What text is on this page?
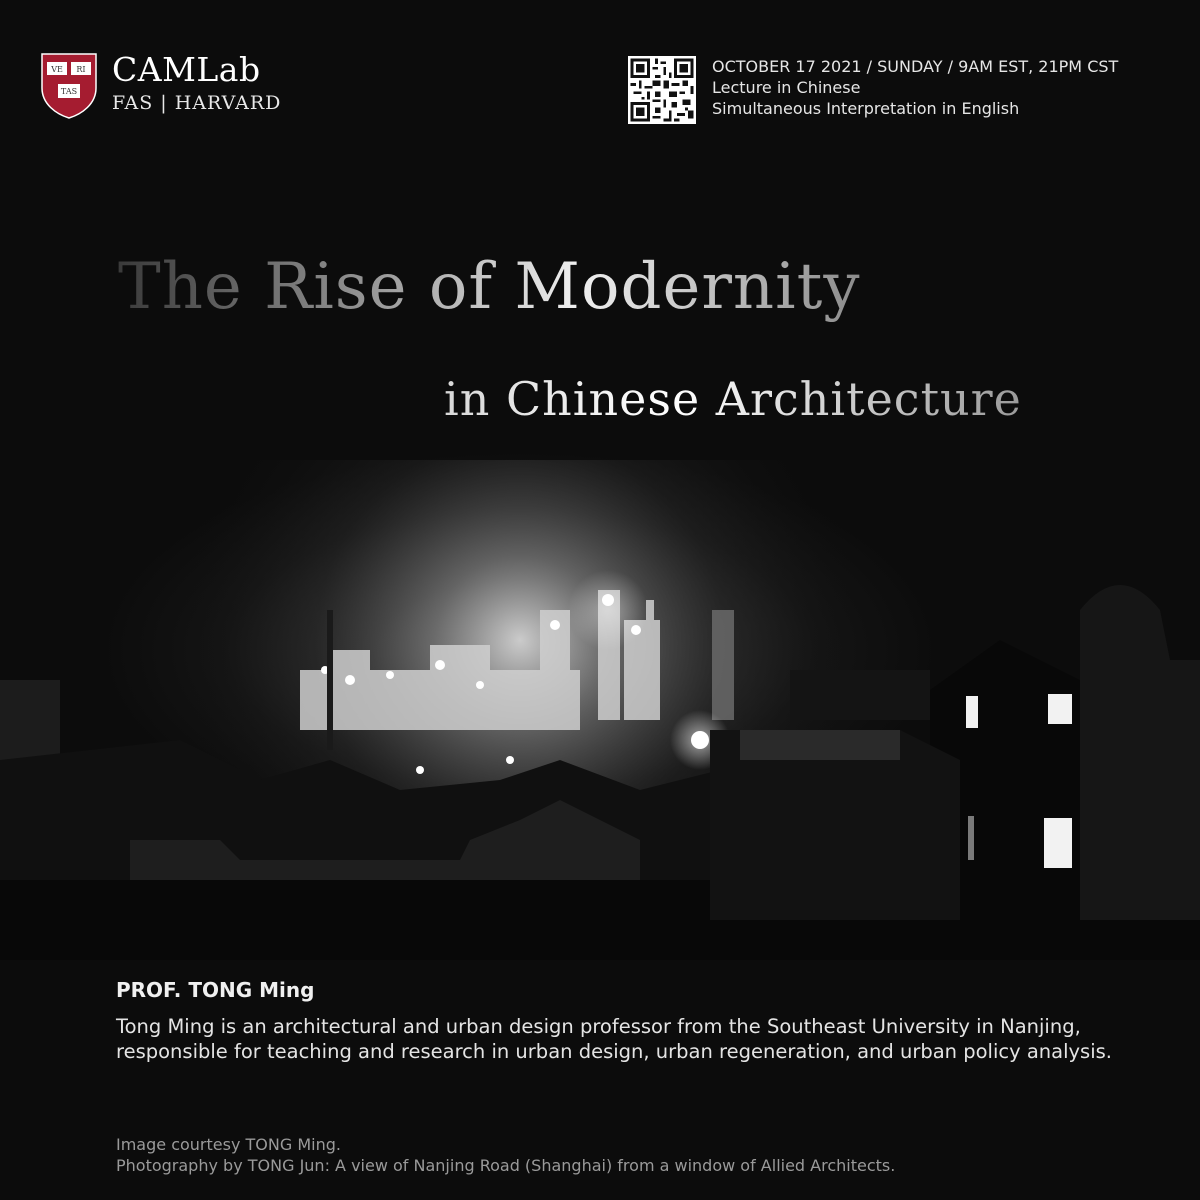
VE RI
TAS
CAMLab
FAS | HARVARD
OCTOBER 17 2021 / SUNDAY / 9AM EST, 21PM CST
Lecture in Chinese
Simultaneous Interpretation in English
The Rise of Modernity
in Chinese Architecture
PROF. TONG Ming
Tong Ming is an architectural and urban design professor from the Southeast University in Nanjing, responsible for teaching and research in urban design, urban regeneration, and urban policy analysis.
Image courtesy TONG Ming.
Photography by TONG Jun: A view of Nanjing Road (Shanghai) from a window of Allied Architects.
